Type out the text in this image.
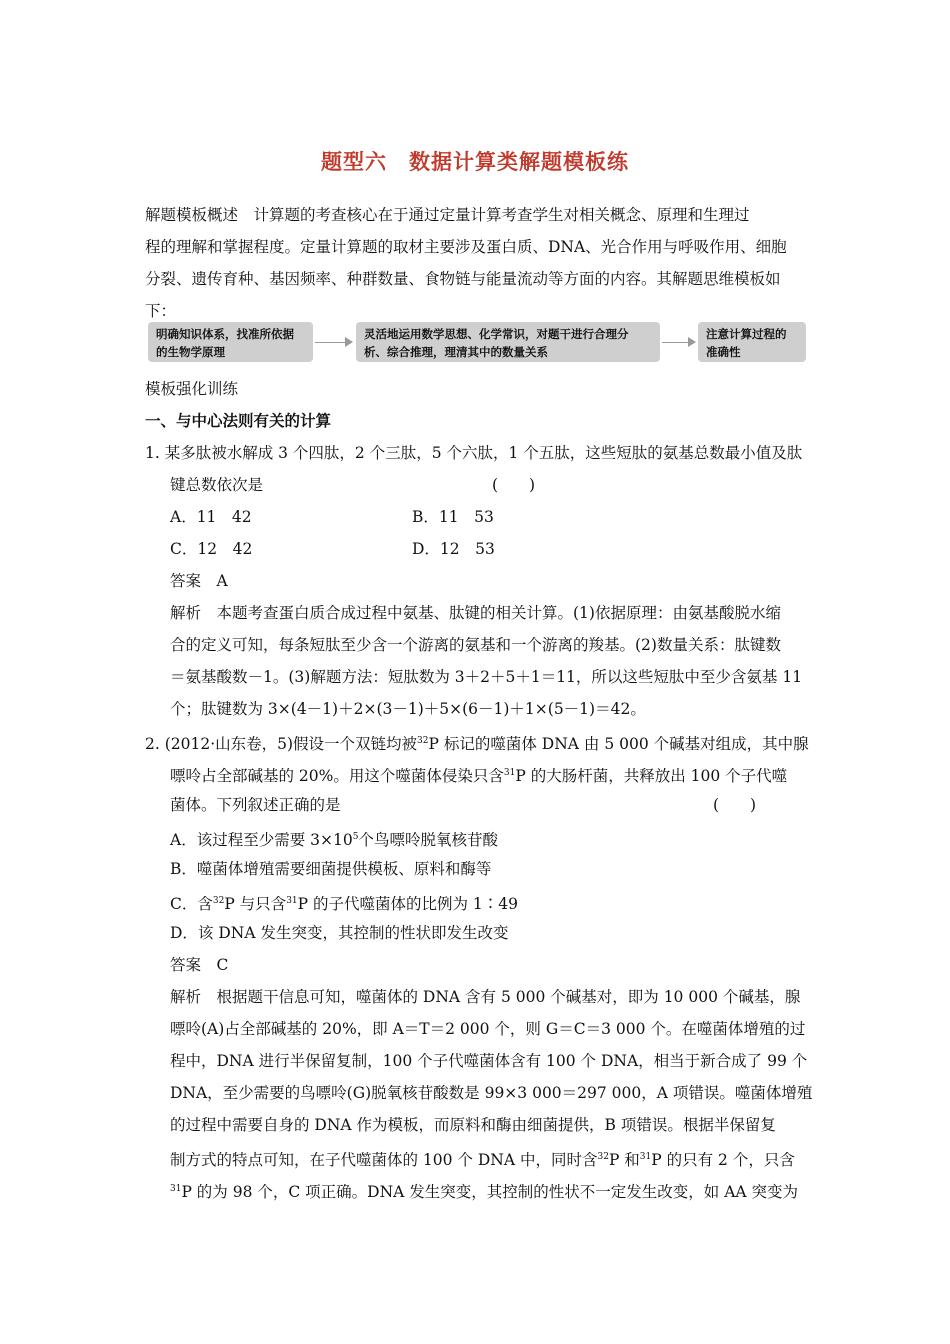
题型六　数据计算类解题模板练
解题模板概述　计算题的考查核心在于通过定量计算考查学生对相关概念、原理和生理过
程的理解和掌握程度。定量计算题的取材主要涉及蛋白质、DNA、光合作用与呼吸作用、细胞
分裂、遗传育种、基因频率、种群数量、食物链与能量流动等方面的内容。其解题思维模板如
下：
明确知识体系，找准所依据
的生物学原理
灵活地运用数学思想、化学常识，对题干进行合理分
析、综合推理，理清其中的数量关系
注意计算过程的
准确性
模板强化训练
一、与中心法则有关的计算
1. 某多肽被水解成 3 个四肽，2 个三肽，5 个六肽，1 个五肽，这些短肽的氨基总数最小值及肽
键总数依次是	(　　)
A．11　42	B．11　53
C．12　42	D．12　53
答案　A
解析　本题考查蛋白质合成过程中氨基、肽键的相关计算。(1)依据原理：由氨基酸脱水缩
合的定义可知，每条短肽至少含一个游离的氨基和一个游离的羧基。(2)数量关系：肽键数
＝氨基酸数－1。(3)解题方法：短肽数为 3＋2＋5＋1＝11，所以这些短肽中至少含氨基 11
个；肽键数为 3×(4－1)＋2×(3－1)＋5×(6－1)＋1×(5－1)＝42。
2. (2012·山东卷，5)假设一个双链均被$^{32}$P 标记的噬菌体 DNA 由 5 000 个碱基对组成，其中腺
嘌呤占全部碱基的 20%。用这个噬菌体侵染只含$^{31}$P 的大肠杆菌，共释放出 100 个子代噬
菌体。下列叙述正确的是	(　　)
A．该过程至少需要 $3\times 10^5$个鸟嘌呤脱氧核苷酸
B．噬菌体增殖需要细菌提供模板、原料和酶等
C．含$^{32}$P 与只含$^{31}$P 的子代噬菌体的比例为 1∶49
D．该 DNA 发生突变，其控制的性状即发生改变
答案　C
解析　根据题干信息可知，噬菌体的 DNA 含有 5 000 个碱基对，即为 10 000 个碱基，腺
嘌呤(A)占全部碱基的 20%，即 A＝T＝2 000 个，则 G＝C＝3 000 个。在噬菌体增殖的过
程中，DNA 进行半保留复制，100 个子代噬菌体含有 100 个 DNA，相当于新合成了 99 个
DNA，至少需要的鸟嘌呤(G)脱氧核苷酸数是 99×3 000＝297 000，A 项错误。噬菌体增殖
的过程中需要自身的 DNA 作为模板，而原料和酶由细菌提供，B 项错误。根据半保留复
制方式的特点可知，在子代噬菌体的 100 个 DNA 中，同时含$^{32}$P 和$^{31}$P 的只有 2 个，只含
$^{31}$P 的为 98 个，C 项正确。DNA 发生突变，其控制的性状不一定发生改变，如 AA 突变为
